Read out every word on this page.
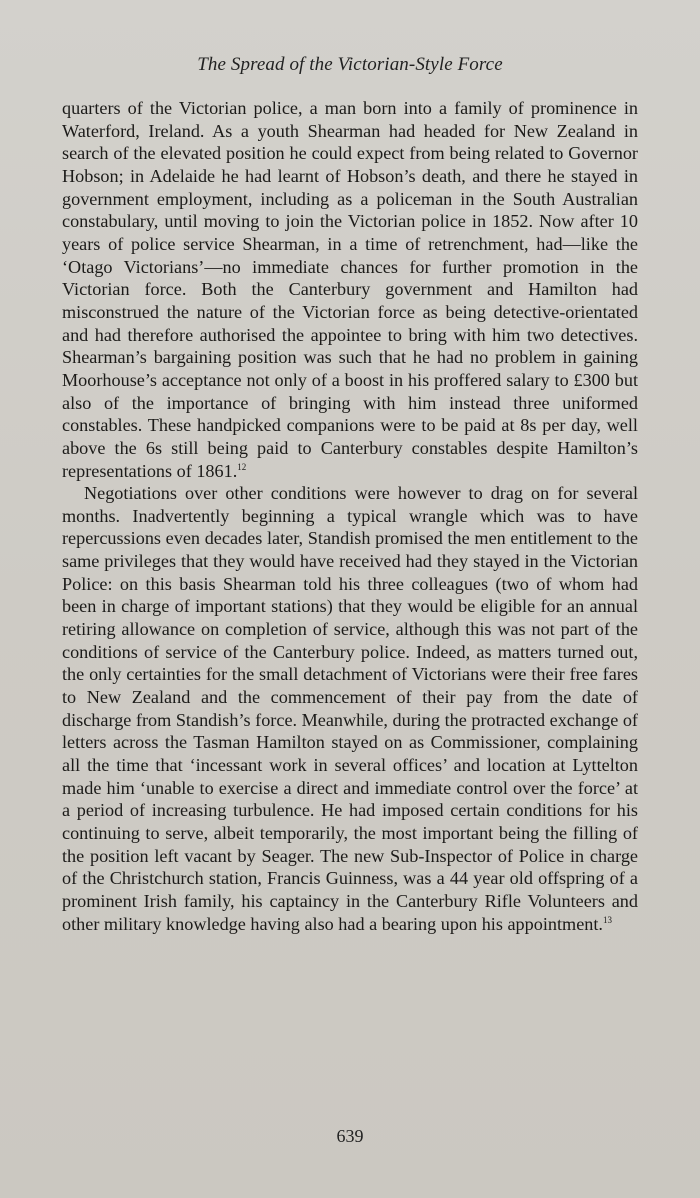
The Spread of the Victorian-Style Force

quarters of the Victorian police, a man born into a family of prominence in Waterford, Ireland. As a youth Shearman had headed for New Zealand in search of the elevated position he could expect from being related to Governor Hobson; in Adelaide he had learnt of Hobson’s death, and there he stayed in government employment, including as a policeman in the South Australian constabulary, until moving to join the Victorian police in 1852. Now after 10 years of police service Shearman, in a time of retrenchment, had—like the ‘Otago Victorians’—no immediate chances for further promotion in the Victorian force. Both the Canterbury government and Hamilton had misconstrued the nature of the Victorian force as being detective-orientated and had therefore authorised the appointee to bring with him two detectives. Shearman’s bargaining position was such that he had no problem in gaining Moorhouse’s acceptance not only of a boost in his proffered salary to £300 but also of the importance of bringing with him instead three uniformed constables. These handpicked companions were to be paid at 8s per day, well above the 6s still being paid to Canterbury constables despite Hamilton’s representations of 1861.12

Negotiations over other conditions were however to drag on for several months. Inadvertently beginning a typical wrangle which was to have repercussions even decades later, Standish promised the men entitlement to the same privileges that they would have received had they stayed in the Victorian Police: on this basis Shearman told his three colleagues (two of whom had been in charge of important stations) that they would be eligible for an annual retiring allowance on completion of service, although this was not part of the conditions of service of the Canterbury police. Indeed, as matters turned out, the only certainties for the small detachment of Victorians were their free fares to New Zealand and the commencement of their pay from the date of discharge from Standish’s force. Meanwhile, during the protracted exchange of letters across the Tasman Hamilton stayed on as Commissioner, complaining all the time that ‘incessant work in several offices’ and location at Lyttelton made him ‘unable to exercise a direct and immediate control over the force’ at a period of increasing turbulence. He had imposed certain conditions for his continuing to serve, albeit temporarily, the most important being the filling of the position left vacant by Seager. The new Sub-Inspector of Police in charge of the Christchurch station, Francis Guinness, was a 44 year old offspring of a prominent Irish family, his captaincy in the Canterbury Rifle Volunteers and other military knowledge having also had a bearing upon his appointment.$^{13}$

639
